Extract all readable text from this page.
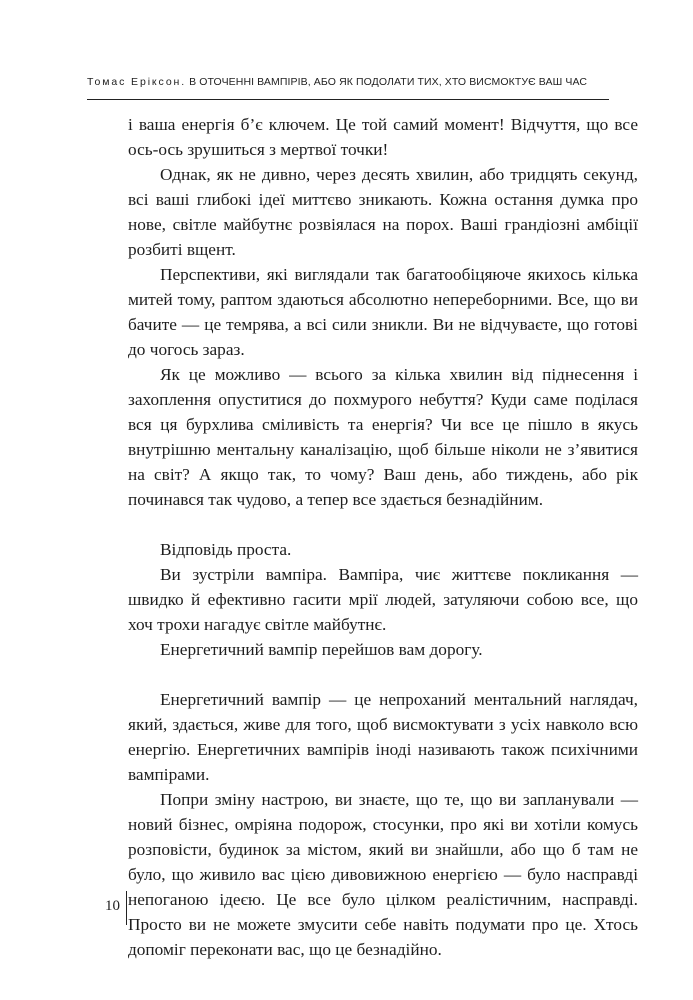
Томас Еріксон. В ОТОЧЕННІ ВАМПІРІВ, АБО ЯК ПОДОЛАТИ ТИХ, ХТО ВИСМОКТУЄ ВАШ ЧАС

і ваша енергія б’є ключем. Це той самий момент! Відчуття, що все ось-ось зрушиться з мертвої точки!

Однак, як не дивно, через десять хвилин, або тридцять секунд, всі ваші глибокі ідеї миттєво зникають. Кожна остання думка про нове, світле майбутнє розвіялася на порох. Ваші грандіозні амбіції розбиті вщент.

Перспективи, які виглядали так багатообіцяюче якихось кілька митей тому, раптом здаються абсолютно непереборними. Все, що ви бачите — це темрява, а всі сили зникли. Ви не відчуваєте, що готові до чогось зараз.

Як це можливо — всього за кілька хвилин від піднесення і захоплення опуститися до похмурого небуття? Куди саме поділася вся ця бурхлива сміливість та енергія? Чи все це пішло в якусь внутрішню ментальну каналізацію, щоб більше ніколи не з’явитися на світ? А якщо так, то чому? Ваш день, або тиждень, або рік починався так чудово, а тепер все здається безнадійним.

Відповідь проста.

Ви зустріли вампіра. Вампіра, чиє життєве покликання — швидко й ефективно гасити мрії людей, затуляючи собою все, що хоч трохи нагадує світле майбутнє.

Енергетичний вампір перейшов вам дорогу.

Енергетичний вампір — це непроханий ментальний наглядач, який, здається, живе для того, щоб висмоктувати з усіх навколо всю енергію. Енергетичних вампірів іноді називають також психічними вампірами.

Попри зміну настрою, ви знаєте, що те, що ви запланували — новий бізнес, омріяна подорож, стосунки, про які ви хотіли комусь розповісти, будинок за містом, який ви знайшли, або що б там не було, що живило вас цією дивовижною енергією — було насправді непоганою ідеєю. Це все було цілком реалістичним, насправді. Просто ви не можете змусити себе навіть подумати про це. Хтось допоміг переконати вас, що це безнадійно.

10
